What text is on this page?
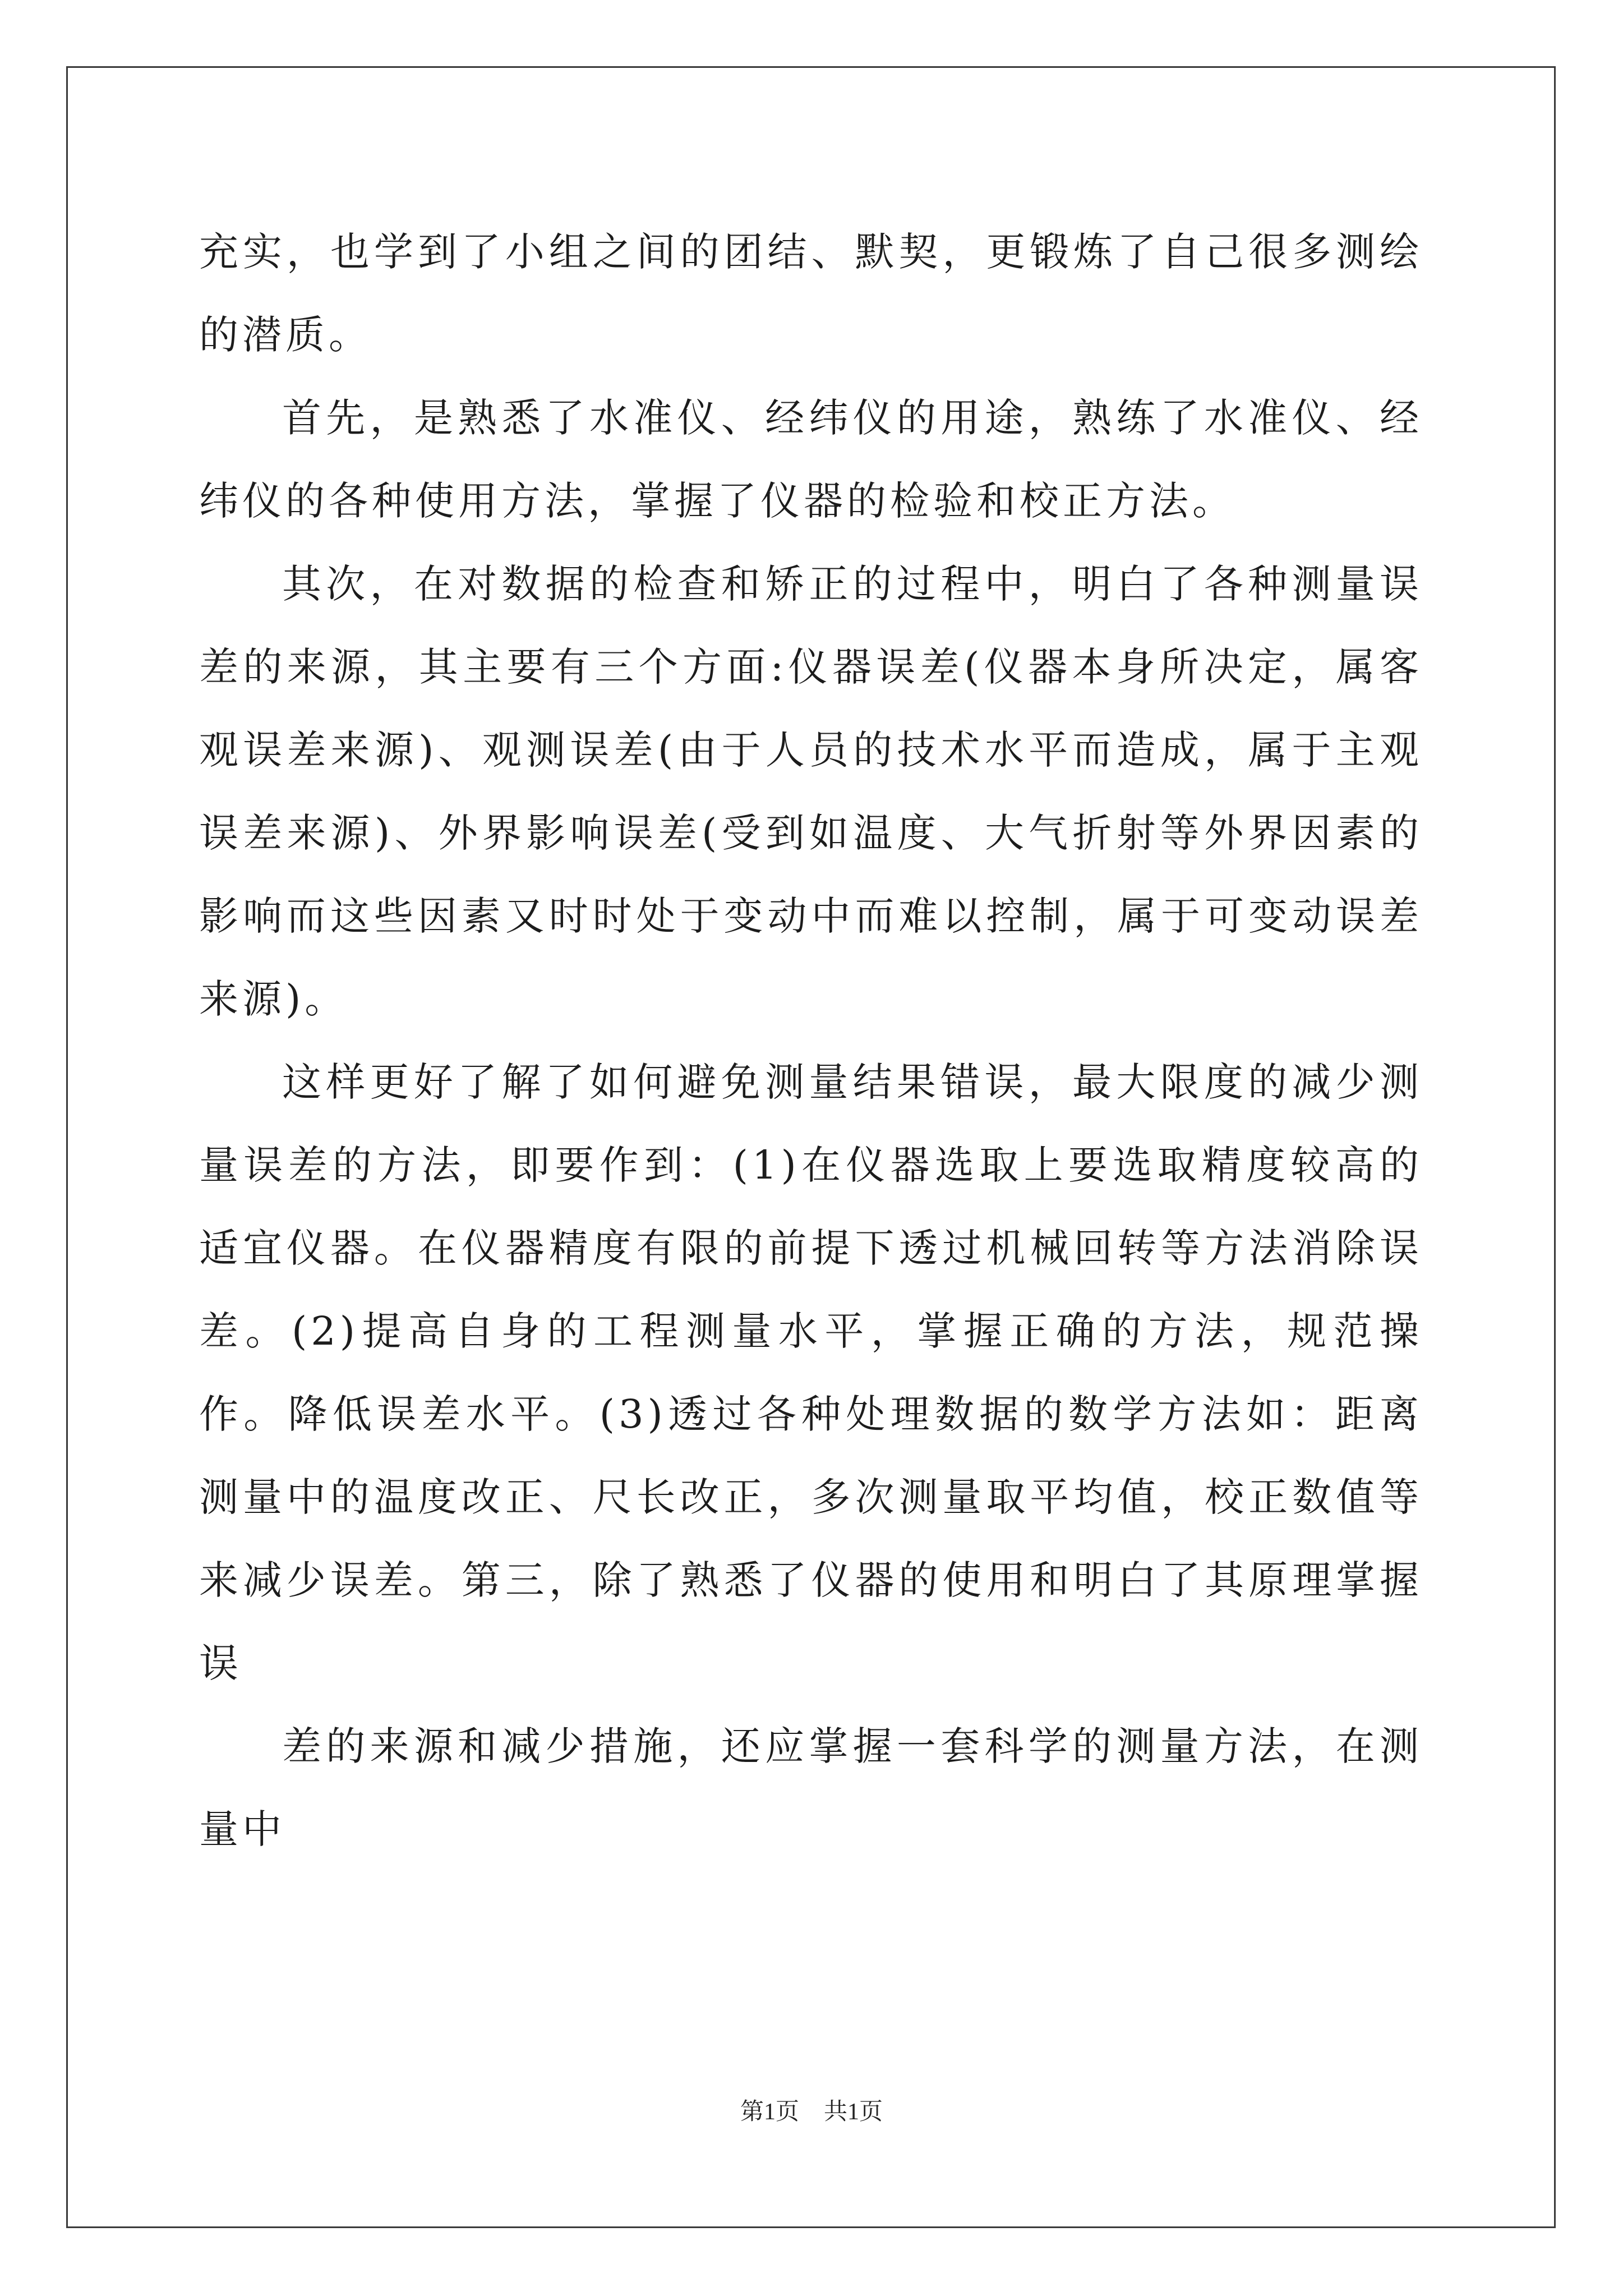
充实，也学到了小组之间的团结、默契，更锻炼了自己很多测绘的潜质。

首先，是熟悉了水准仪、经纬仪的用途，熟练了水准仪、经纬仪的各种使用方法，掌握了仪器的检验和校正方法。

其次，在对数据的检查和矫正的过程中，明白了各种测量误差的来源，其主要有三个方面:仪器误差(仪器本身所决定，属客观误差来源)、观测误差(由于人员的技术水平而造成，属于主观误差来源)、外界影响误差(受到如温度、大气折射等外界因素的影响而这些因素又时时处于变动中而难以控制，属于可变动误差来源)。

这样更好了解了如何避免测量结果错误，最大限度的减少测量误差的方法，即要作到：(1)在仪器选取上要选取精度较高的适宜仪器。在仪器精度有限的前提下透过机械回转等方法消除误差。(2)提高自身的工程测量水平，掌握正确的方法，规范操作。降低误差水平。(3)透过各种处理数据的数学方法如：距离测量中的温度改正、尺长改正，多次测量取平均值，校正数值等来减少误差。第三，除了熟悉了仪器的使用和明白了其原理掌握误

差的来源和减少措施，还应掌握一套科学的测量方法，在测量中

第1页 共1页
